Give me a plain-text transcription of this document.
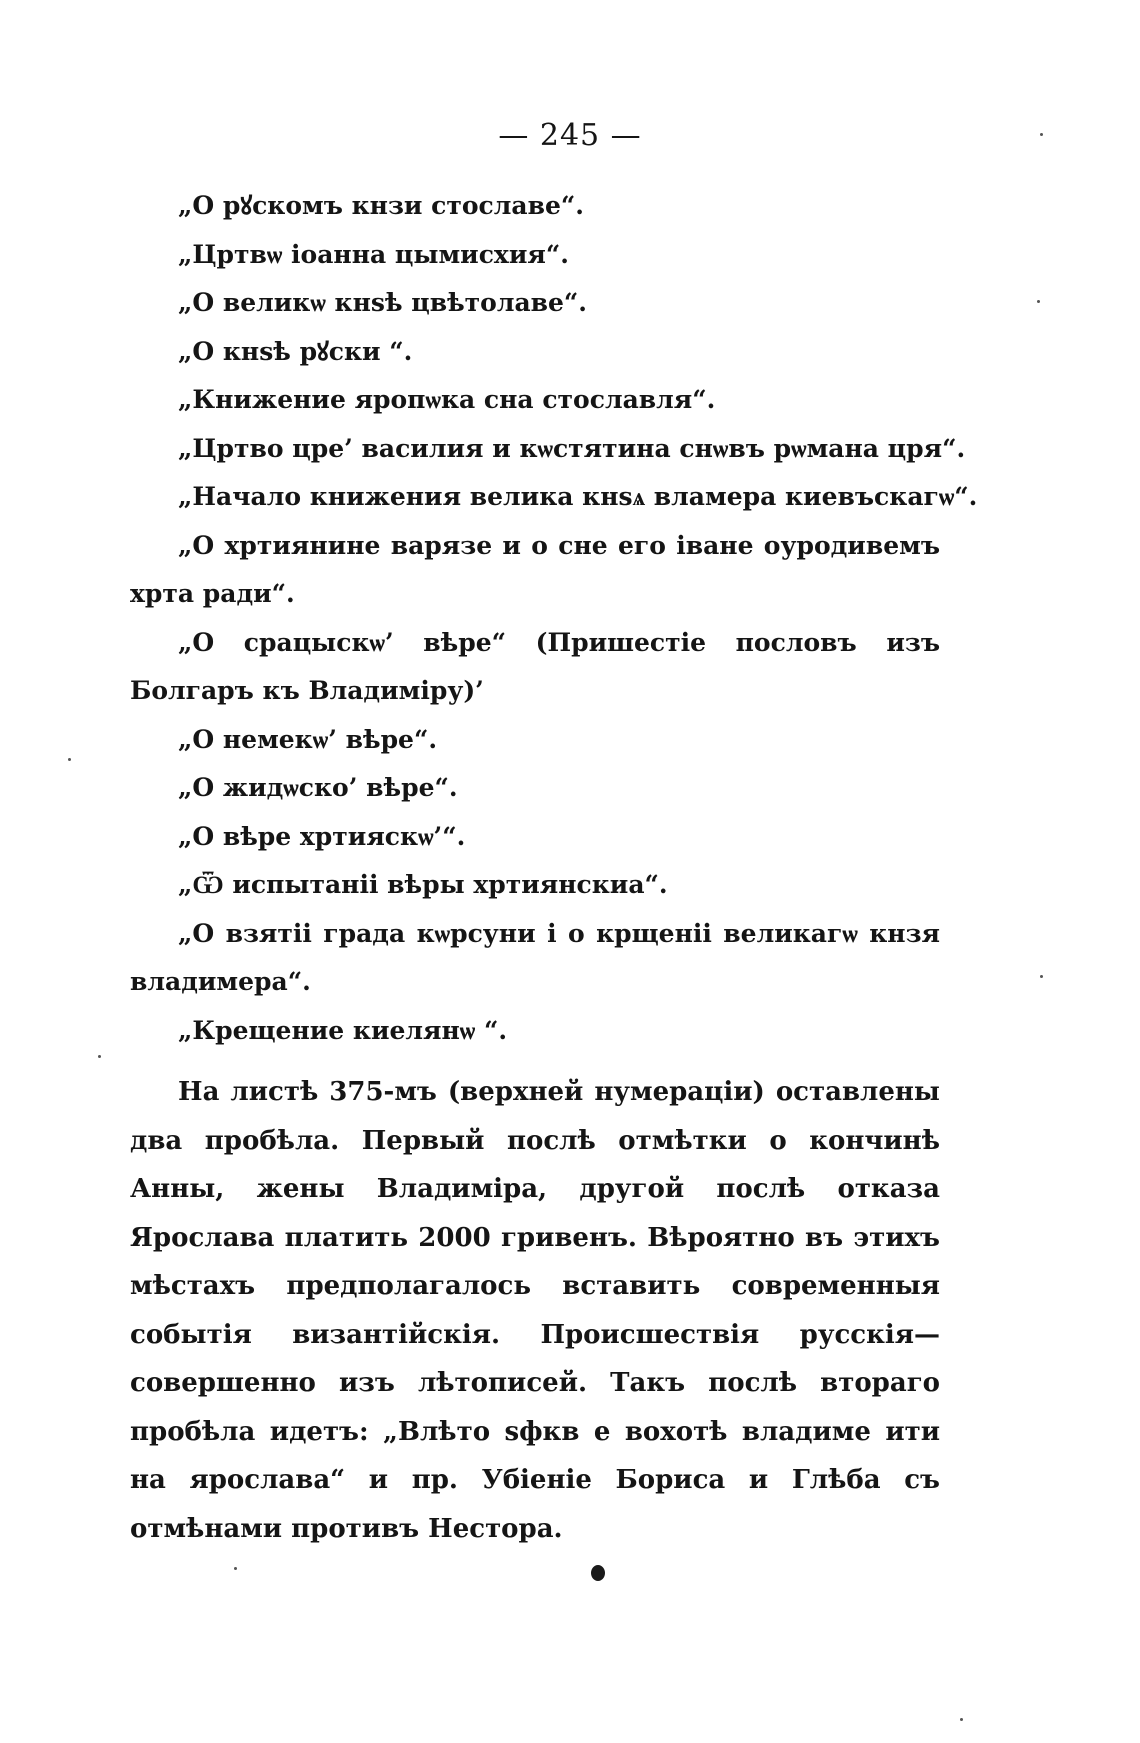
— 245 —
„О рꙋскомъ кнзи стославе“.
„Цртвѡ іоанна цымисхия“.
„О великѡ кнѕѣ цвѣтолаве“.
„О кнѕѣ рꙋски “.
„Книжение яропѡка сна стославля“.
„Цртво цре’ василия и кѡстятина снѡвъ рѡмана цря“.
„Начало книжения велика кнѕѧ вламера киевъскагѡ“.
„О хртиянине варязе и о сне его іване оуродивемъ хрта ради“.
„О срацыскѡ’ вѣре“ (Пришестіе пословъ изъ Болгаръ къ Владиміру)’
„О немекѡ’ вѣре“.
„О жидѡско’ вѣре“.
„О вѣре хртияскѡ’“.
„Ѿ испытаніі вѣры хртиянскиа“.
„О взятіі града кѡрсуни і о крщеніі великагѡ кнзя владимера“.
„Крещение киелянѡ “.
На листѣ 375-мъ (верхней нумераціи) оставлены два пробѣла. Первый послѣ отмѣтки о кончинѣ Анны, жены Владиміра, другой послѣ отказа Ярослава платить 2000 гривенъ. Вѣроятно въ этихъ мѣстахъ предполагалось вставить современныя событія византійскія. Происшествія русскія—совершенно изъ лѣтописей. Такъ послѣ втораго пробѣла идетъ: „Влѣто ѕфкв е вохотѣ владиме ити на ярослава“ и пр. Убіеніе Бориса и Глѣба съ отмѣнами противъ Нестора.
